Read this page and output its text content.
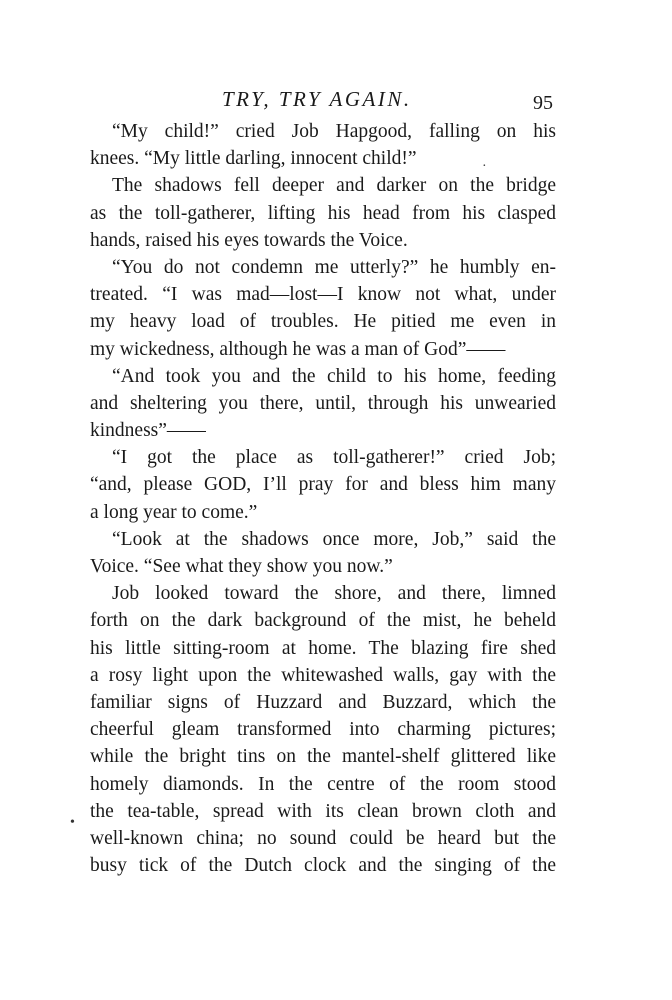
TRY, TRY AGAIN.	95
“My child!” cried Job Hapgood, falling on his
knees. “My little darling, innocent child!”
The shadows fell deeper and darker on the bridge
as the toll-gatherer, lifting his head from his clasped
hands, raised his eyes towards the Voice.
“You do not condemn me utterly?” he humbly en-
treated. “I was mad—lost—I know not what, under
my heavy load of troubles. He pitied me even in
my wickedness, although he was a man of God”——
“And took you and the child to his home, feeding
and sheltering you there, until, through his unwearied
kindness”——
“I got the place as toll-gatherer!” cried Job;
“and, please GOD, I’ll pray for and bless him many
a long year to come.”
“Look at the shadows once more, Job,” said the
Voice. “See what they show you now.”
Job looked toward the shore, and there, limned
forth on the dark background of the mist, he beheld
his little sitting-room at home. The blazing fire shed
a rosy light upon the whitewashed walls, gay with the
familiar signs of Huzzard and Buzzard, which the
cheerful gleam transformed into charming pictures;
while the bright tins on the mantel-shelf glittered like
homely diamonds. In the centre of the room stood
the tea-table, spread with its clean brown cloth and
well-known china; no sound could be heard but the
busy tick of the Dutch clock and the singing of the
•
·
